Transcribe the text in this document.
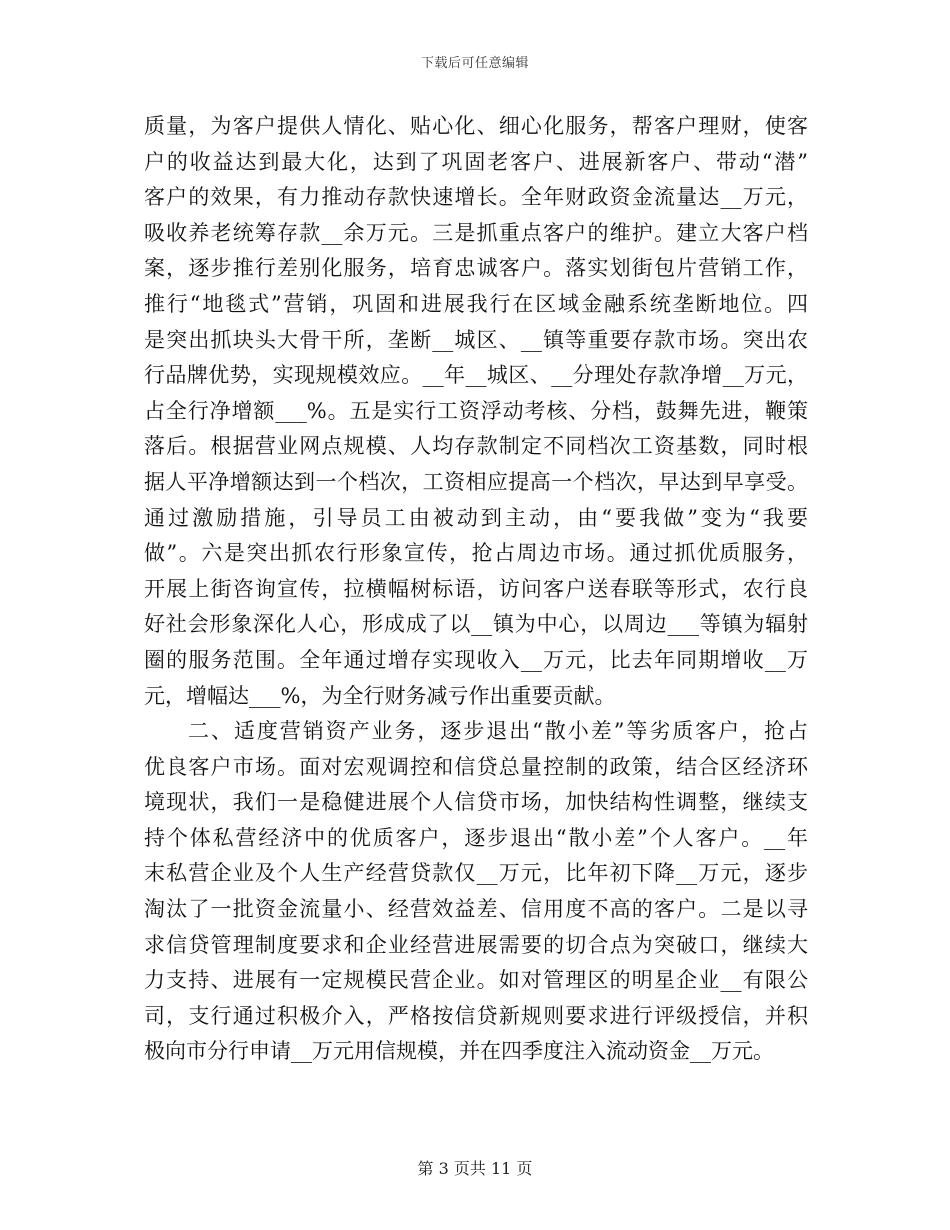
下载后可任意编辑
质量，为客户提供人情化、贴心化、细心化服务，帮客户理财，使客
户的收益达到最大化，达到了巩固老客户、进展新客户、带动“潜”
客户的效果，有力推动存款快速增长。全年财政资金流量达__万元，
吸收养老统筹存款__余万元。三是抓重点客户的维护。建立大客户档
案，逐步推行差别化服务，培育忠诚客户。落实划街包片营销工作，
推行“地毯式”营销，巩固和进展我行在区域金融系统垄断地位。四
是突出抓块头大骨干所，垄断__城区、__镇等重要存款市场。突出农
行品牌优势，实现规模效应。__年__城区、__分理处存款净增__万元，
占全行净增额___%。五是实行工资浮动考核、分档，鼓舞先进，鞭策
落后。根据营业网点规模、人均存款制定不同档次工资基数，同时根
据人平净增额达到一个档次，工资相应提高一个档次，早达到早享受。
通过激励措施，引导员工由被动到主动，由“要我做”变为“我要
做”。六是突出抓农行形象宣传，抢占周边市场。通过抓优质服务，
开展上街咨询宣传，拉横幅树标语，访问客户送春联等形式，农行良
好社会形象深化人心，形成成了以__镇为中心，以周边___等镇为辐射
圈的服务范围。全年通过增存实现收入__万元，比去年同期增收__万
元，增幅达___%，为全行财务减亏作出重要贡献。
二、适度营销资产业务，逐步退出“散小差”等劣质客户，抢占
优良客户市场。面对宏观调控和信贷总量控制的政策，结合区经济环
境现状，我们一是稳健进展个人信贷市场，加快结构性调整，继续支
持个体私营经济中的优质客户，逐步退出“散小差”个人客户。__年
末私营企业及个人生产经营贷款仅__万元，比年初下降__万元，逐步
淘汰了一批资金流量小、经营效益差、信用度不高的客户。二是以寻
求信贷管理制度要求和企业经营进展需要的切合点为突破口，继续大
力支持、进展有一定规模民营企业。如对管理区的明星企业__有限公
司，支行通过积极介入，严格按信贷新规则要求进行评级授信，并积
极向市分行申请__万元用信规模，并在四季度注入流动资金__万元。
第 3 页共 11 页
